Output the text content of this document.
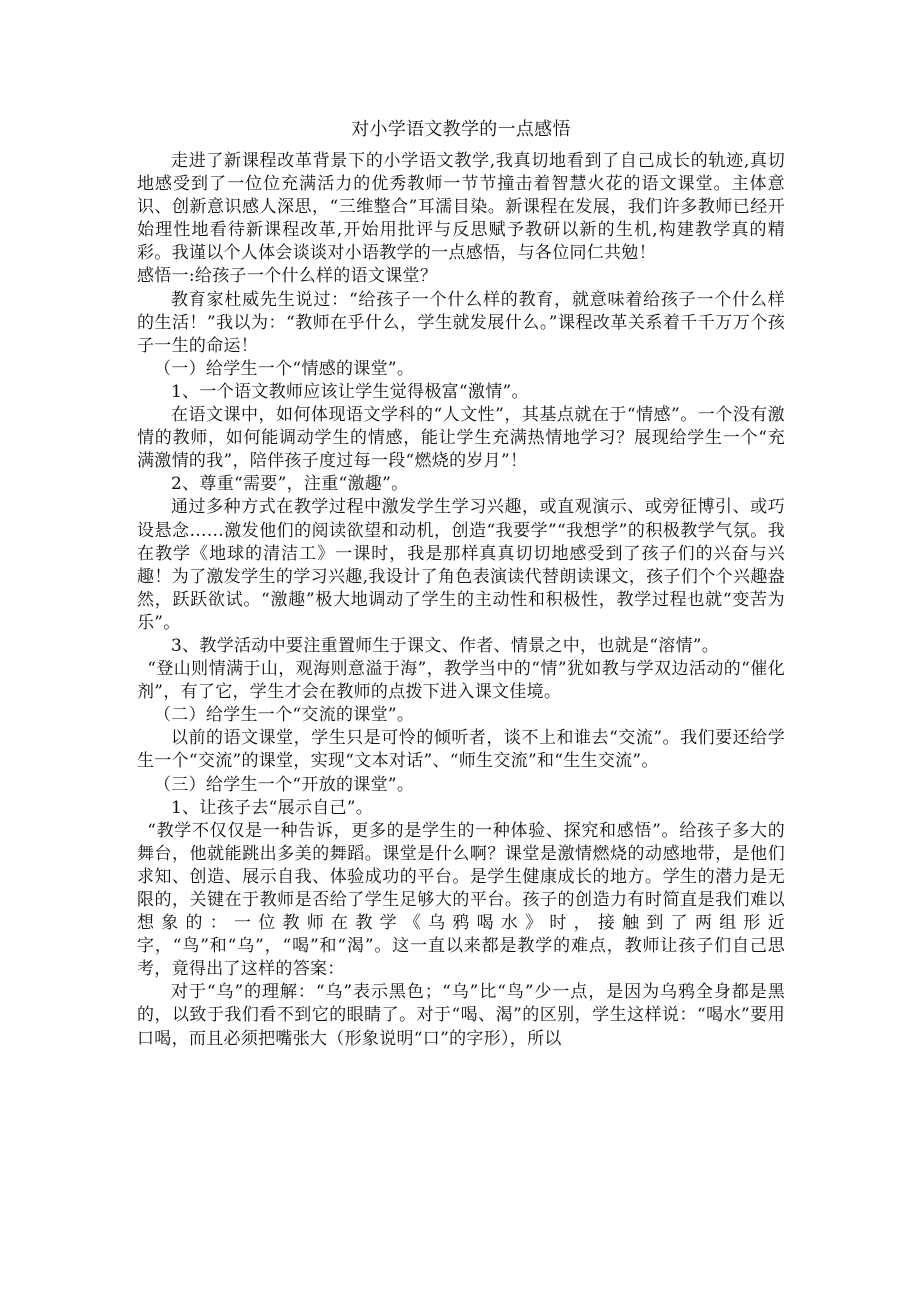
对小学语文教学的一点感悟

走进了新课程改革背景下的小学语文教学,我真切地看到了自己成长的轨迹,真切地感受到了一位位充满活力的优秀教师一节节撞击着智慧火花的语文课堂。主体意识、创新意识感人深思，“三维整合”耳濡目染。新课程在发展，我们许多教师已经开始理性地看待新课程改革,开始用批评与反思赋予教研以新的生机,构建教学真的精彩。我谨以个人体会谈谈对小语教学的一点感悟，与各位同仁共勉！

感悟一:给孩子一个什么样的语文课堂？

教育家杜威先生说过：“给孩子一个什么样的教育，就意味着给孩子一个什么样的生活！”我以为：“教师在乎什么，学生就发展什么。”课程改革关系着千千万万个孩子一生的命运！

（一）给学生一个“情感的课堂”。

1、一个语文教师应该让学生觉得极富“激情”。

在语文课中，如何体现语文学科的“人文性”，其基点就在于“情感”。一个没有激情的教师，如何能调动学生的情感，能让学生充满热情地学习？展现给学生一个“充满激情的我”，陪伴孩子度过每一段“燃烧的岁月”！

2、尊重“需要”，注重“激趣”。

通过多种方式在教学过程中激发学生学习兴趣，或直观演示、或旁征博引、或巧设悬念……激发他们的阅读欲望和动机，创造“我要学”“我想学”的积极教学气氛。我在教学《地球的清洁工》一课时，我是那样真真切切地感受到了孩子们的兴奋与兴趣！为了激发学生的学习兴趣,我设计了角色表演读代替朗读课文，孩子们个个兴趣盎然，跃跃欲试。“激趣”极大地调动了学生的主动性和积极性，教学过程也就“变苦为乐”。

3、教学活动中要注重置师生于课文、作者、情景之中，也就是“溶情”。

“登山则情满于山，观海则意溢于海”，教学当中的“情”犹如教与学双边活动的“催化剂”，有了它，学生才会在教师的点拨下进入课文佳境。

（二）给学生一个“交流的课堂”。

以前的语文课堂，学生只是可怜的倾听者，谈不上和谁去“交流”。我们要还给学生一个“交流”的课堂，实现“文本对话”、“师生交流”和“生生交流”。

（三）给学生一个“开放的课堂”。

1、让孩子去“展示自己”。

“教学不仅仅是一种告诉，更多的是学生的一种体验、探究和感悟”。给孩子多大的舞台，他就能跳出多美的舞蹈。课堂是什么啊？课堂是激情燃烧的动感地带，是他们求知、创造、展示自我、体验成功的平台。是学生健康成长的地方。学生的潜力是无限的，关键在于教师是否给了学生足够大的平台。孩子的创造力有时简直是我们难以想象的：一位教师在教学《乌鸦喝水》时，接触到了两组形近字，“鸟”和“乌”，“喝”和“渴”。这一直以来都是教学的难点，教师让孩子们自己思考，竟得出了这样的答案：

对于“乌”的理解：“乌”表示黑色；“乌”比“鸟”少一点，是因为乌鸦全身都是黑的，以致于我们看不到它的眼睛了。对于“喝、渴”的区别，学生这样说：“喝水”要用口喝，而且必须把嘴张大（形象说明“口”的字形），所以
